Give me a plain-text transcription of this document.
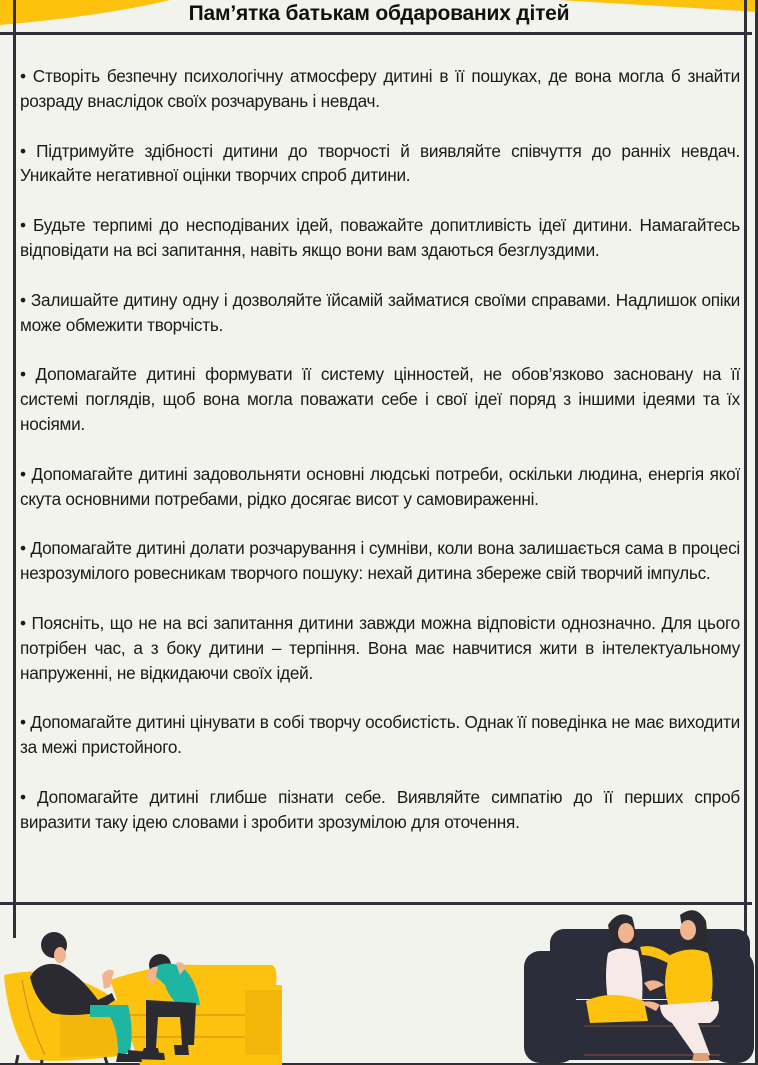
Пам’ятка батькам обдарованих дітей

• Створіть безпечну психологічну атмосферу дитині в її пошуках, де вона могла б знайти розраду внаслідок своїх розчарувань і невдач.

• Підтримуйте здібності дитини до творчості й виявляйте співчуття до ранніх невдач. Уникайте негативної оцінки творчих спроб дитини.

• Будьте терпимі до несподіваних ідей, поважайте допитливість ідеї дитини. Намагайтесь відповідати на всі запитання, навіть якщо вони вам здаються безглуздими.

• Залишайте дитину одну і дозволяйте їйсамій займатися своїми справами. Надлишок опіки може обмежити творчість.

• Допомагайте дитині формувати її систему цінностей, не обов’язково засновану на її системі поглядів, щоб вона могла поважати себе і свої ідеї поряд з іншими ідеями та їх носіями.

• Допомагайте дитині задовольняти основні людські потреби, оскільки людина, енергія якої скута основними потребами, рідко досягає висот у самовираженні.

• Допомагайте дитині долати розчарування і сумніви, коли вона залишається сама в процесі незрозумілого ровесникам творчого пошуку: нехай дитина збереже свій творчий імпульс.

• Поясніть, що не на всі запитання дитини завжди можна відповісти однозначно. Для цього потрібен час, а з боку дитини – терпіння. Вона має навчитися жити в інтелектуальному напруженні, не відкидаючи своїх ідей.

• Допомагайте дитині цінувати в собі творчу особистість. Однак її поведінка не має виходити за межі пристойного.

• Допомагайте дитині глибше пізнати себе. Виявляйте симпатію до її перших спроб виразити таку ідею словами і зробити зрозумілою для оточення.
